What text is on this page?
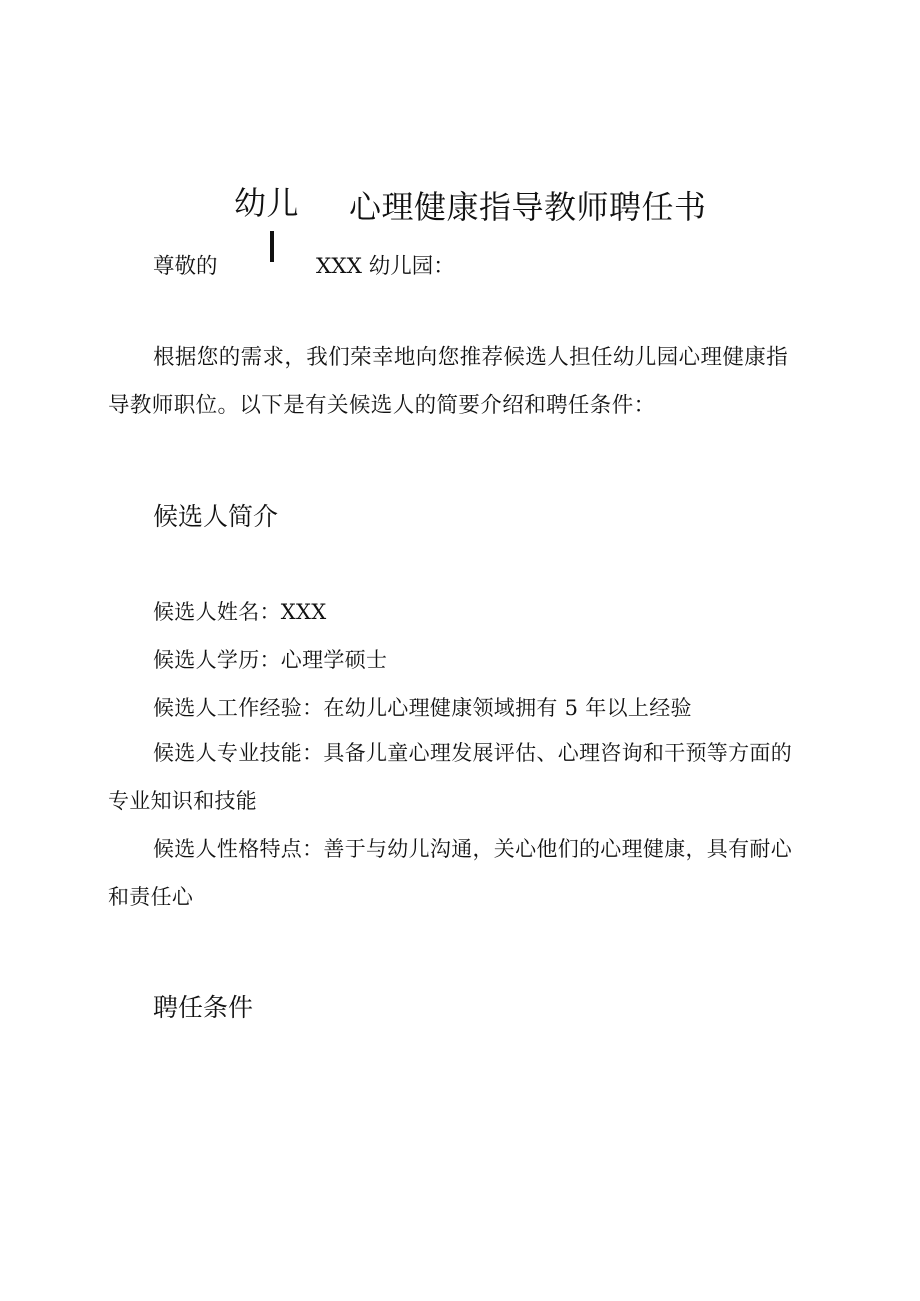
幼儿 心理健康指导教师聘任书
尊敬的	XXX 幼儿园：
根据您的需求，我们荣幸地向您推荐候选人担任幼儿园心理健康指导教师职位。以下是有关候选人的简要介绍和聘任条件：
候选人简介
候选人姓名：XXX
候选人学历：心理学硕士
候选人工作经验：在幼儿心理健康领域拥有 5 年以上经验
候选人专业技能：具备儿童心理发展评估、心理咨询和干预等方面的专业知识和技能
候选人性格特点：善于与幼儿沟通，关心他们的心理健康，具有耐心和责任心
聘任条件
